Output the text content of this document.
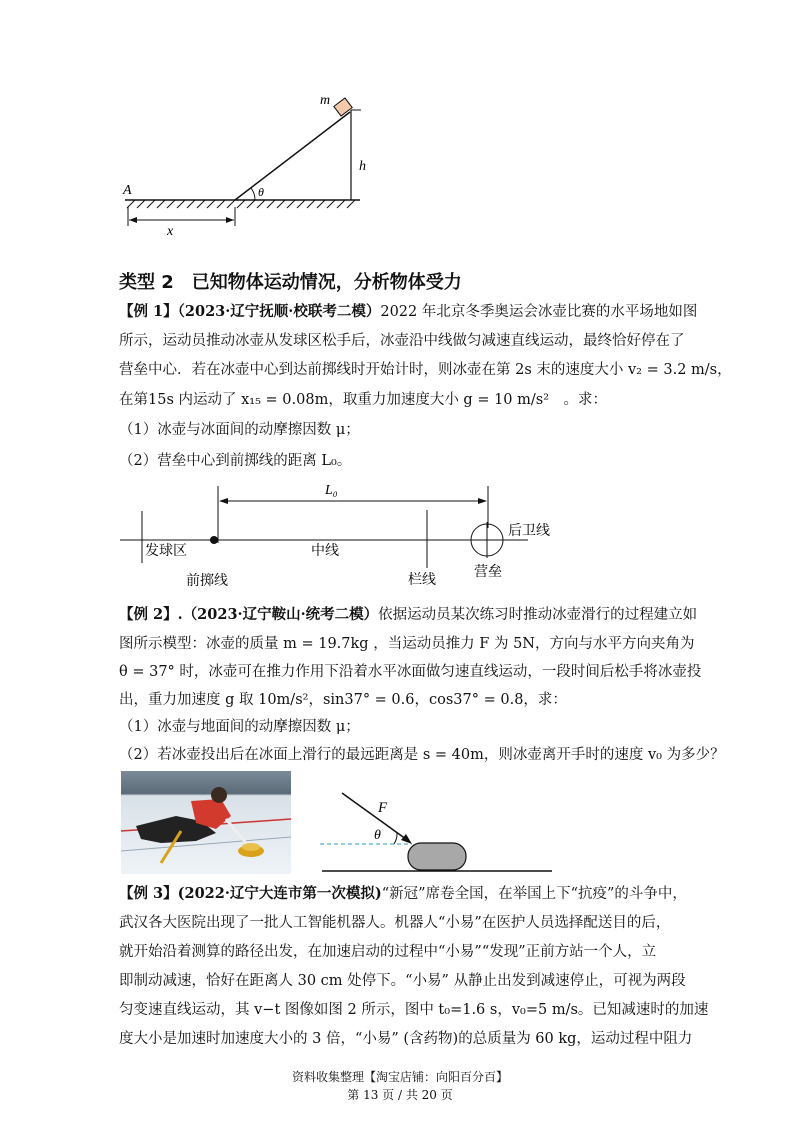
m
h
θ
A
x
类型 2　已知物体运动情况，分析物体受力
【例 1】（2023·辽宁抚顺·校联考二模）2022 年北京冬季奥运会冰壶比赛的水平场地如图
所示，运动员推动冰壶从发球区松手后，冰壶沿中线做匀减速直线运动，最终恰好停在了
营垒中心．若在冰壶中心到达前掷线时开始计时，则冰壶在第 2s 末的速度大小 v₂ = 3.2 m/s，
在第15s 内运动了 x₁₅ = 0.08m，取重力加速度大小 g = 10 m/s²　。求：
（1）冰壶与冰面间的动摩擦因数 μ；
（2）营垒中心到前掷线的距离 L₀。
L₀
后卫线
发球区	中线
前掷线	栏线
营垒
【例 2】.（2023·辽宁鞍山·统考二模）依据运动员某次练习时推动冰壶滑行的过程建立如
图所示模型：冰壶的质量 m = 19.7kg ，当运动员推力 F 为 5N，方向与水平方向夹角为
θ = 37° 时，冰壶可在推力作用下沿着水平冰面做匀速直线运动，一段时间后松手将冰壶投
出，重力加速度 g 取 10m/s²，sin37° = 0.6，cos37° = 0.8，求：
（1）冰壶与地面间的动摩擦因数 μ；
（2）若冰壶投出后在冰面上滑行的最远距离是 s = 40m，则冰壶离开手时的速度 v₀ 为多少？
F
θ
【例 3】(2022·辽宁大连市第一次模拟)“新冠”席卷全国，在举国上下“抗疫”的斗争中，
武汉各大医院出现了一批人工智能机器人。机器人“小易”在医护人员选择配送目的后，
就开始沿着测算的路径出发，在加速启动的过程中“小易”“发现”正前方站一个人，立
即制动减速，恰好在距离人 30 cm 处停下。“小易” 从静止出发到减速停止，可视为两段
匀变速直线运动，其 v−t 图像如图 2 所示，图中 t₀=1.6 s，v₀=5 m/s。已知减速时的加速
度大小是加速时加速度大小的 3 倍，“小易” (含药物)的总质量为 60 kg，运动过程中阻力
资料收集整理【淘宝店铺：向阳百分百】
第 13 页 / 共 20 页
